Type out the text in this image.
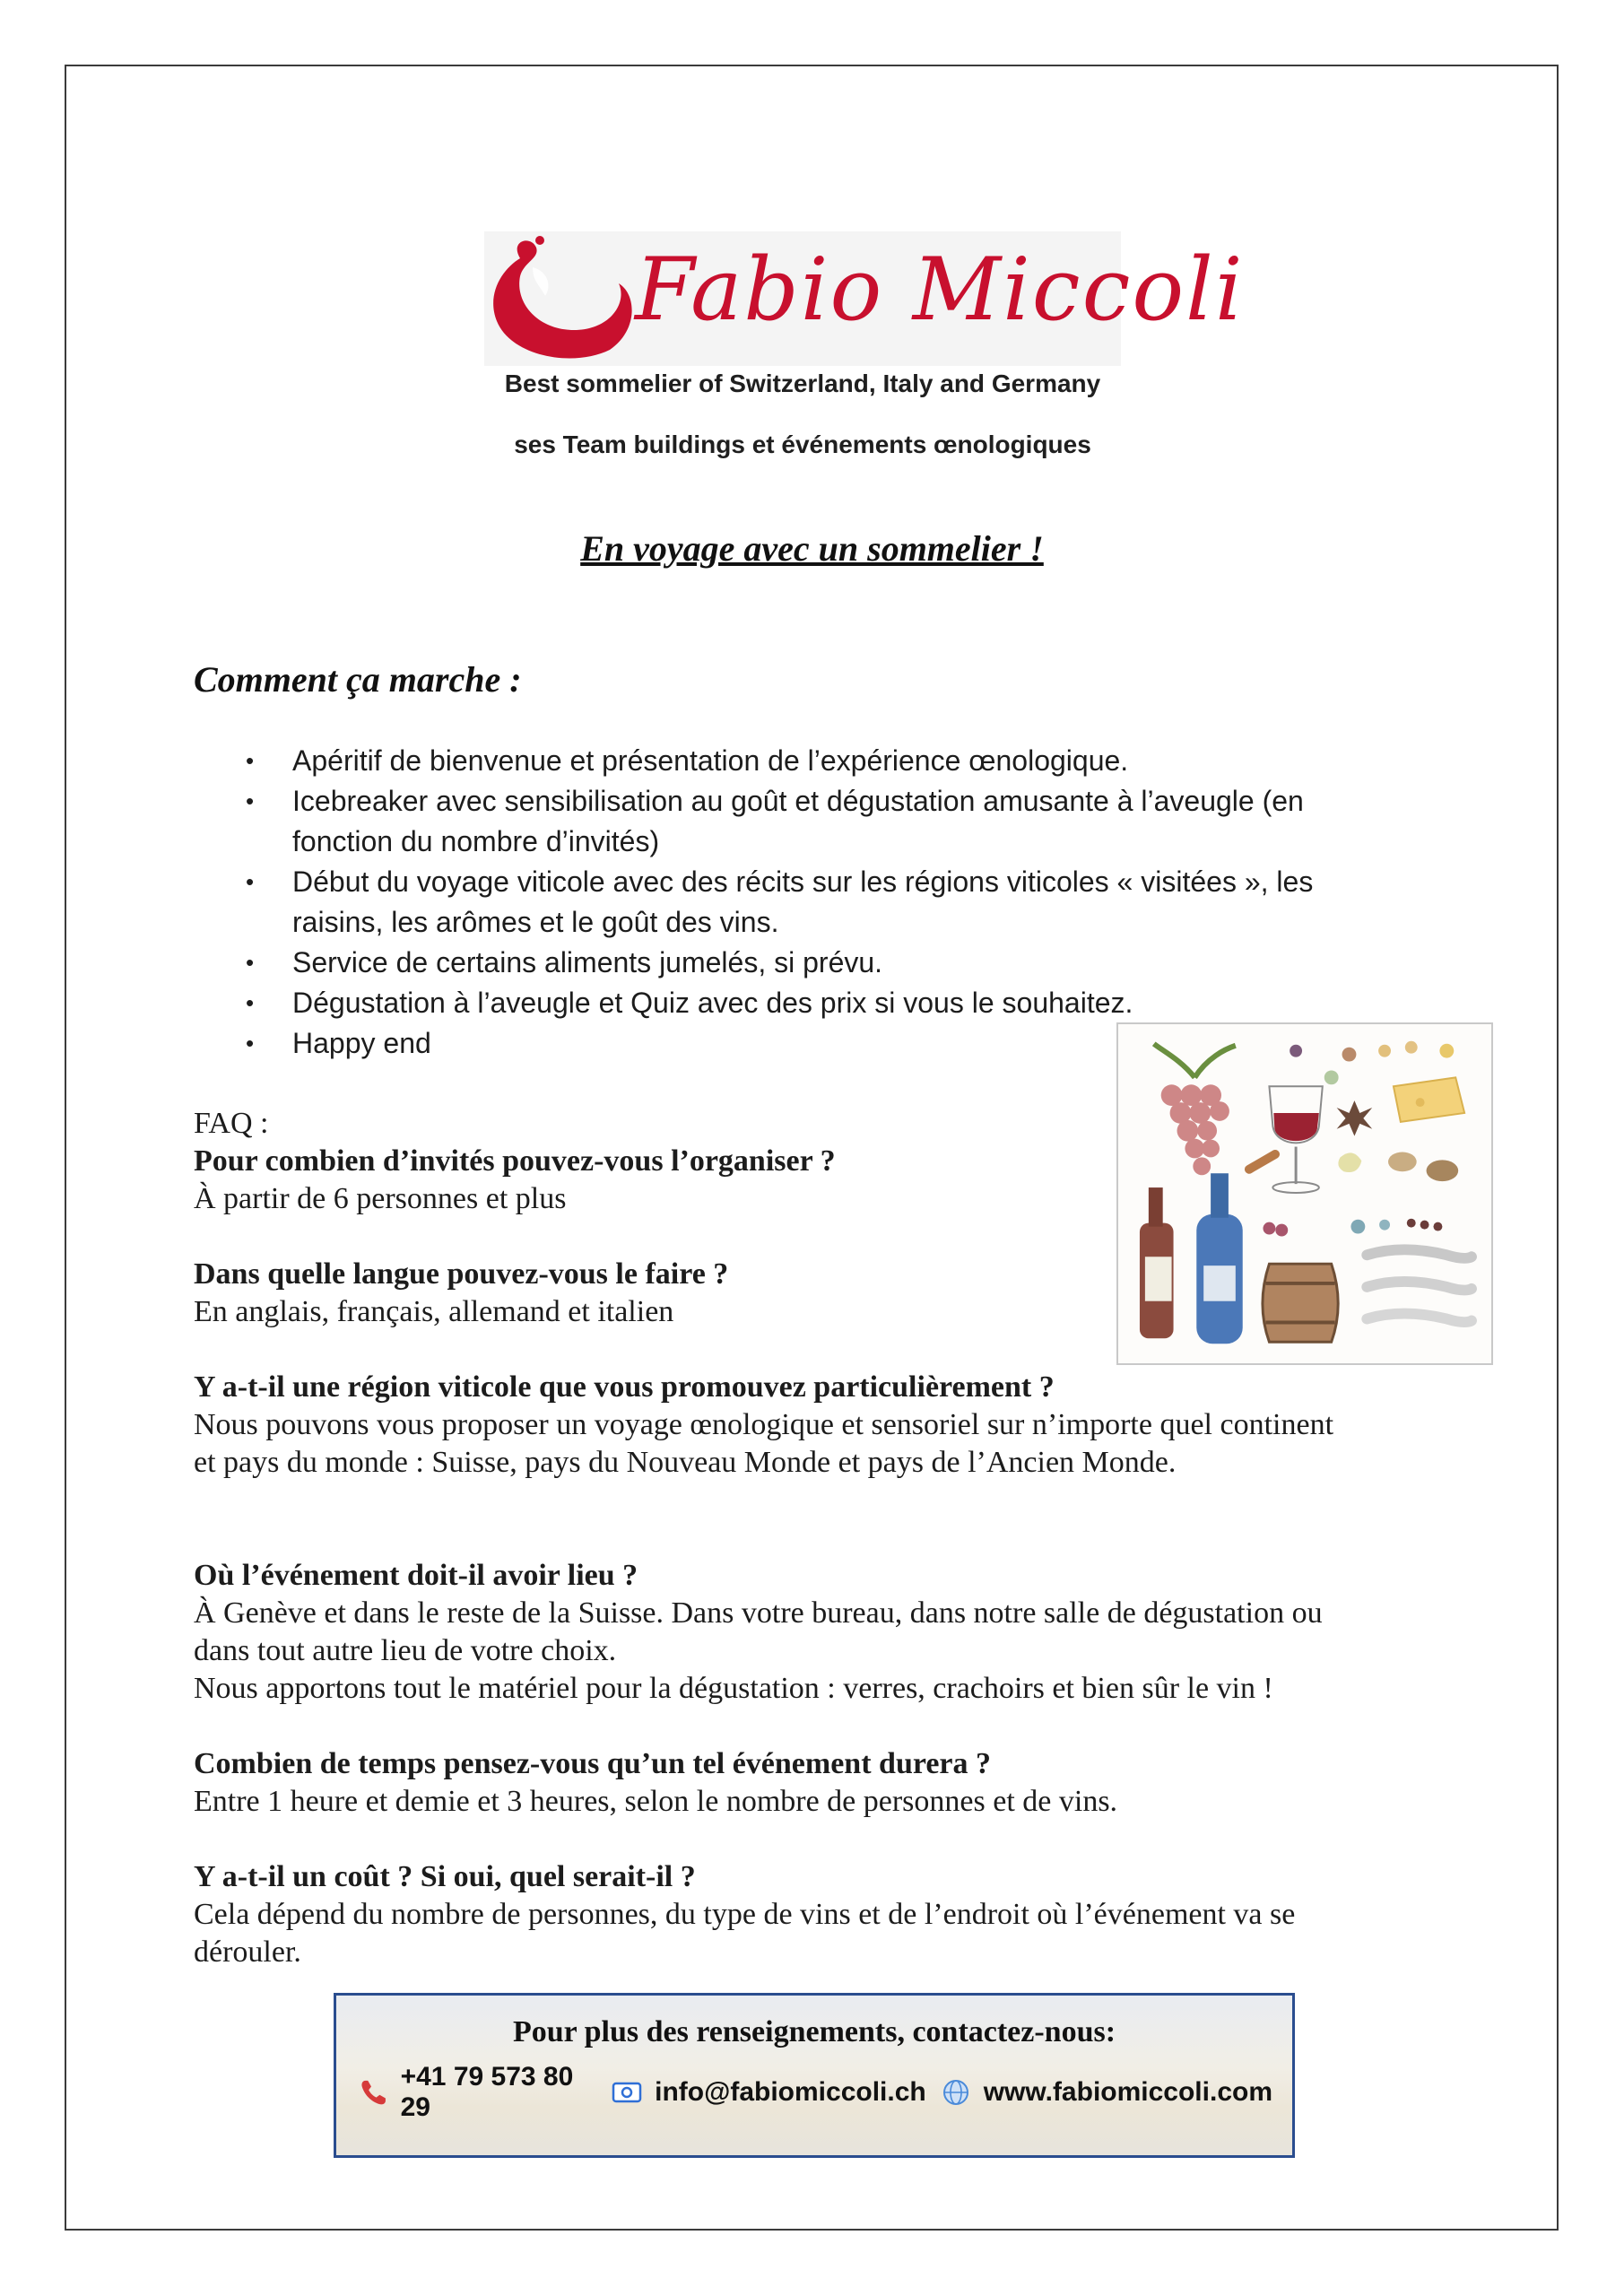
Fabio Miccoli
Best sommelier of Switzerland, Italy and Germany
ses Team buildings et événements œnologiques
En voyage avec un sommelier !
Comment ça marche :
• Apéritif de bienvenue et présentation de l’expérience œnologique.
• Icebreaker avec sensibilisation au goût et dégustation amusante à l’aveugle (en fonction du nombre d’invités)
• Début du voyage viticole avec des récits sur les régions viticoles « visitées », les raisins, les arômes et le goût des vins.
• Service de certains aliments jumelés, si prévu.
• Dégustation à l’aveugle et Quiz avec des prix si vous le souhaitez.
• Happy end

FAQ :

Pour combien d’invités pouvez-vous l’organiser ?

À partir de 6 personnes et plus

Dans quelle langue pouvez-vous le faire ?

En anglais, français, allemand et italien

Y a-t-il une région viticole que vous promouvez particulièrement ?

Nous pouvons vous proposer un voyage œnologique et sensoriel sur n’importe quel continent
et pays du monde : Suisse, pays du Nouveau Monde et pays de l’Ancien Monde.

Où l’événement doit-il avoir lieu ?

À Genève et dans le reste de la Suisse. Dans votre bureau, dans notre salle de dégustation ou
dans tout autre lieu de votre choix.
Nous apportons tout le matériel pour la dégustation : verres, crachoirs et bien sûr le vin !

Combien de temps pensez-vous qu’un tel événement durera ?

Entre 1 heure et demie et 3 heures, selon le nombre de personnes et de vins.

Y a-t-il un coût ? Si oui, quel serait-il ?

Cela dépend du nombre de personnes, du type de vins et de l’endroit où l’événement va se
dérouler.

Pour plus des renseignements, contactez-nous:
+41 79 573 80 29
info@fabiomiccoli.ch www.fabiomiccoli.com
